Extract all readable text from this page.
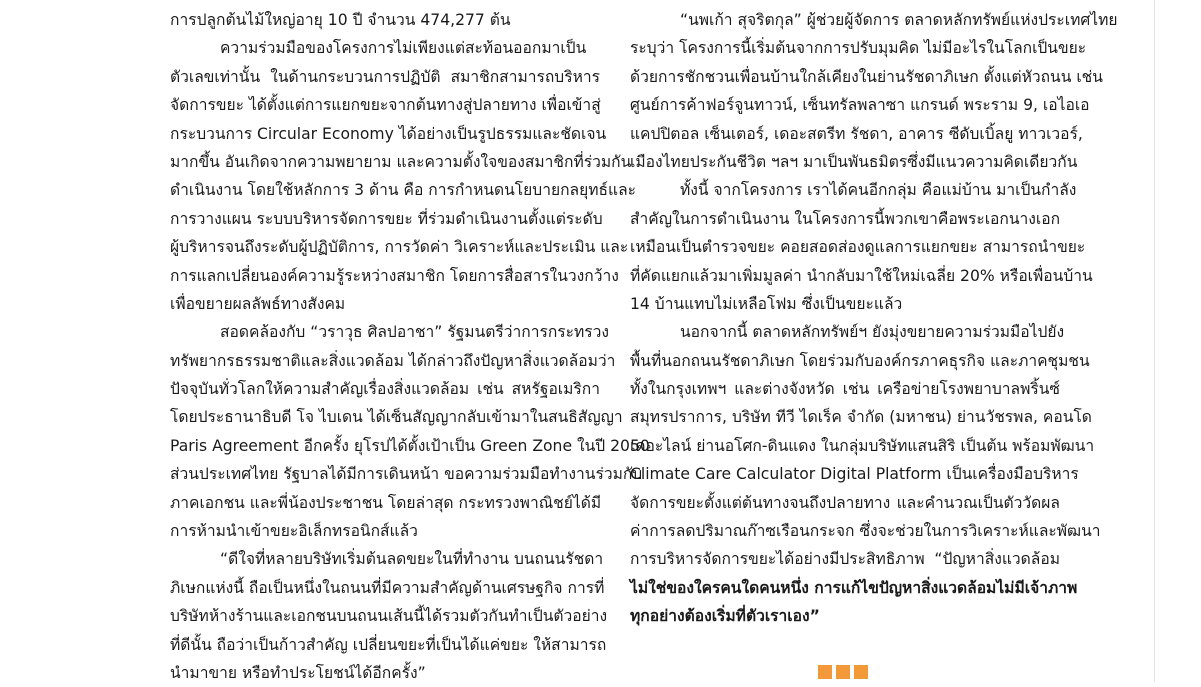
การปลูกต้นไม้ใหญ่อายุ 10 ปี จำนวน 474,277 ต้น
ความร่วมมือของโครงการไม่เพียงแต่สะท้อนออกมาเป็น
ตัวเลขเท่านั้น ในด้านกระบวนการปฏิบัติ สมาชิกสามารถบริหาร
จัดการขยะ ได้ตั้งแต่การแยกขยะจากต้นทางสู่ปลายทาง เพื่อเข้าสู่
กระบวนการ Circular Economy ได้อย่างเป็นรูปธรรมและชัดเจน
มากขึ้น อันเกิดจากความพยายาม และความตั้งใจของสมาชิกที่ร่วมกัน
ดำเนินงาน โดยใช้หลักการ 3 ด้าน คือ การกำหนดนโยบายกลยุทธ์และ
การวางแผน ระบบบริหารจัดการขยะ ที่ร่วมดำเนินงานตั้งแต่ระดับ
ผู้บริหารจนถึงระดับผู้ปฏิบัติการ, การวัดค่า วิเคราะห์และประเมิน และ
การแลกเปลี่ยนองค์ความรู้ระหว่างสมาชิก โดยการสื่อสารในวงกว้าง
เพื่อขยายผลลัพธ์ทางสังคม
สอดคล้องกับ “วราวุธ ศิลปอาชา” รัฐมนตรีว่าการกระทรวง
ทรัพยากรธรรมชาติและสิ่งแวดล้อม ได้กล่าวถึงปัญหาสิ่งแวดล้อมว่า
ปัจจุบันทั่วโลกให้ความสำคัญเรื่องสิ่งแวดล้อม เช่น สหรัฐอเมริกา
โดยประธานาธิบดี โจ ไบเดน ได้เซ็นสัญญากลับเข้ามาในสนธิสัญญา
Paris Agreement อีกครั้ง ยุโรปได้ตั้งเป้าเป็น Green Zone ในปี 2050
ส่วนประเทศไทย รัฐบาลได้มีการเดินหน้า ขอความร่วมมือทำงานร่วมกับ
ภาคเอกชน และพี่น้องประชาชน โดยล่าสุด กระทรวงพาณิชย์ได้มี
การห้ามนำเข้าขยะอิเล็กทรอนิกส์แล้ว
“ดีใจที่หลายบริษัทเริ่มต้นลดขยะในที่ทำงาน บนถนนรัชดา
ภิเษกแห่งนี้ ถือเป็นหนึ่งในถนนที่มีความสำคัญด้านเศรษฐกิจ การที่
บริษัทห้างร้านและเอกชนบนถนนเส้นนี้ได้รวมตัวกันทำเป็นตัวอย่าง
ที่ดีนั้น ถือว่าเป็นก้าวสำคัญ เปลี่ยนขยะที่เป็นได้แค่ขยะ ให้สามารถ
นำมาขาย หรือทำประโยชน์ได้อีกครั้ง”
“นพเก้า สุจริตกุล” ผู้ช่วยผู้จัดการ ตลาดหลักทรัพย์แห่งประเทศไทย
ระบุว่า โครงการนี้เริ่มต้นจากการปรับมุมคิด ไม่มีอะไรในโลกเป็นขยะ
ด้วยการชักชวนเพื่อนบ้านใกล้เคียงในย่านรัชดาภิเษก ตั้งแต่หัวถนน เช่น
ศูนย์การค้าฟอร์จูนทาวน์, เซ็นทรัลพลาซา แกรนด์ พระราม 9, เอไอเอ
แคปปิตอล เซ็นเตอร์, เดอะสตรีท รัชดา, อาคาร ซีดับเบิ้ลยู ทาวเวอร์,
เมืองไทยประกันชีวิต ฯลฯ มาเป็นพันธมิตรซึ่งมีแนวความคิดเดียวกัน
ทั้งนี้ จากโครงการ เราได้คนอีกกลุ่ม คือแม่บ้าน มาเป็นกำลัง
สำคัญในการดำเนินงาน ในโครงการนี้พวกเขาคือพระเอกนางเอก
เหมือนเป็นตำรวจขยะ คอยสอดส่องดูแลการแยกขยะ สามารถนำขยะ
ที่คัดแยกแล้วมาเพิ่มมูลค่า นำกลับมาใช้ใหม่เฉลี่ย 20% หรือเพื่อนบ้าน
14 บ้านแทบไม่เหลือโฟม ซึ่งเป็นขยะแล้ว
นอกจากนี้ ตลาดหลักทรัพย์ฯ ยังมุ่งขยายความร่วมมือไปยัง
พื้นที่นอกถนนรัชดาภิเษก โดยร่วมกับองค์กรภาคธุรกิจ และภาคชุมชน
ทั้งในกรุงเทพฯ และต่างจังหวัด เช่น เครือข่ายโรงพยาบาลพริ้นซ์
สมุทรปราการ, บริษัท ทีวี ไดเร็ค จำกัด (มหาชน) ย่านวัชรพล, คอนโด
เดอะไลน์ ย่านอโศก-ดินแดง ในกลุ่มบริษัทแสนสิริ เป็นต้น พร้อมพัฒนา
Climate Care Calculator Digital Platform เป็นเครื่องมือบริหาร
จัดการขยะตั้งแต่ต้นทางจนถึงปลายทาง และคำนวณเป็นตัววัดผล
ค่าการลดปริมาณก๊าซเรือนกระจก ซึ่งจะช่วยในการวิเคราะห์และพัฒนา
การบริหารจัดการขยะได้อย่างมีประสิทธิภาพ “ปัญหาสิ่งแวดล้อม
ไม่ใช่ของใครคนใดคนหนึ่ง การแก้ไขปัญหาสิ่งแวดล้อมไม่มีเจ้าภาพ
ทุกอย่างต้องเริ่มที่ตัวเราเอง”
